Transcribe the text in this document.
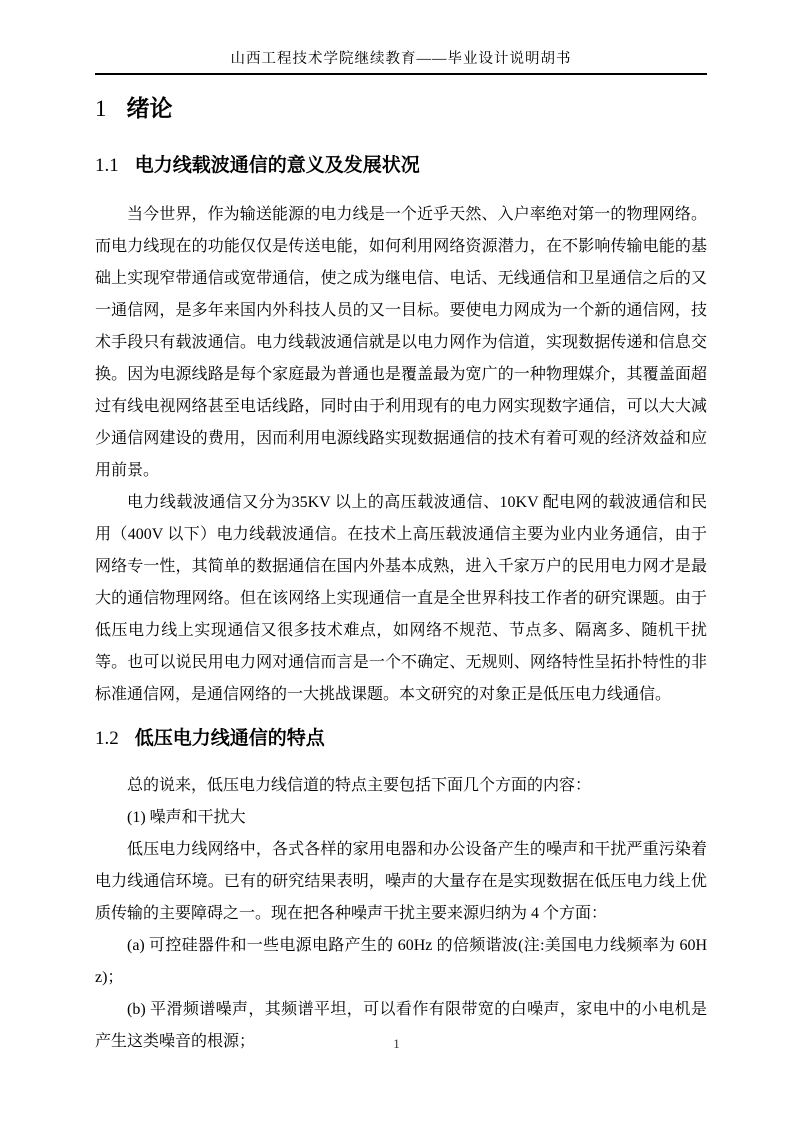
山西工程技术学院继续教育——毕业设计说明胡书
1 绪论
1.1 电力线载波通信的意义及发展状况

当今世界，作为输送能源的电力线是一个近乎天然、入户率绝对第一的物理网络。而电力线现在的功能仅仅是传送电能，如何利用网络资源潜力，在不影响传输电能的基础上实现窄带通信或宽带通信，使之成为继电信、电话、无线通信和卫星通信之后的又一通信网，是多年来国内外科技人员的又一目标。要使电力网成为一个新的通信网，技术手段只有载波通信。电力线载波通信就是以电力网作为信道，实现数据传递和信息交换。因为电源线路是每个家庭最为普通也是覆盖最为宽广的一种物理媒介，其覆盖面超过有线电视网络甚至电话线路，同时由于利用现有的电力网实现数字通信，可以大大减少通信网建设的费用，因而利用电源线路实现数据通信的技术有着可观的经济效益和应用前景。

电力线载波通信又分为35KV 以上的高压载波通信、10KV 配电网的载波通信和民用（400V 以下）电力线载波通信。在技术上高压载波通信主要为业内业务通信，由于网络专一性，其简单的数据通信在国内外基本成熟，进入千家万户的民用电力网才是最大的通信物理网络。但在该网络上实现通信一直是全世界科技工作者的研究课题。由于低压电力线上实现通信又很多技术难点，如网络不规范、节点多、隔离多、随机干扰等。也可以说民用电力网对通信而言是一个不确定、无规则、网络特性呈拓扑特性的非标准通信网，是通信网络的一大挑战课题。本文研究的对象正是低压电力线通信。

1.2 低压电力线通信的特点

总的说来，低压电力线信道的特点主要包括下面几个方面的内容：

(1) 噪声和干扰大

低压电力线网络中，各式各样的家用电器和办公设备产生的噪声和干扰严重污染着电力线通信环境。已有的研究结果表明，噪声的大量存在是实现数据在低压电力线上优质传输的主要障碍之一。现在把各种噪声干扰主要来源归纳为 4 个方面：

(a) 可控硅器件和一些电源电路产生的 60Hz 的倍频谐波(注:美国电力线频率为 60Hz)；

(b) 平滑频谱噪声，其频谱平坦，可以看作有限带宽的白噪声，家电中的小电机是产生这类噪音的根源；	1
